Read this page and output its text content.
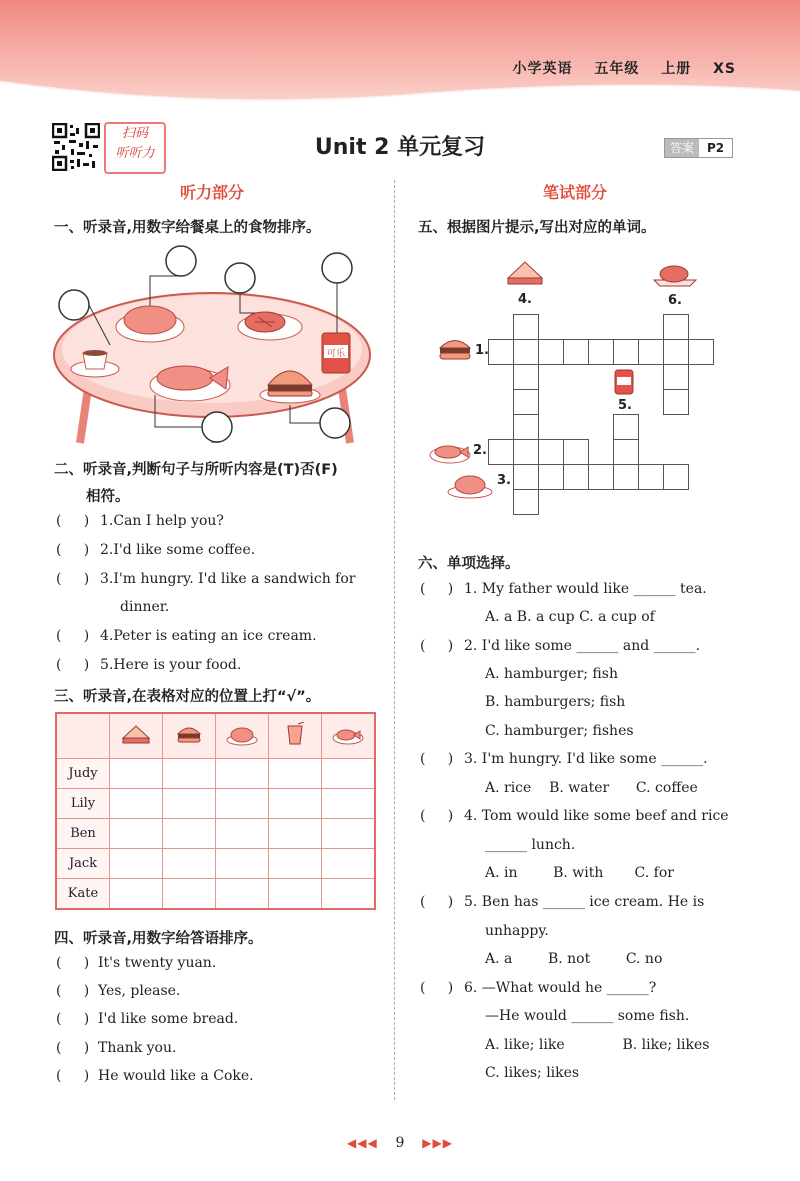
小学英语 五年级 上册 XS
扫码
听听力	Unit 2 单元复习	答案	P2
听力部分
一、听录音,用数字给餐桌上的食物排序。
可乐
二、听录音,判断句子与所听内容是(T)否(F)
相符。
(     ) 1.Can I help you?
(     ) 2.I'd like some coffee.
(     ) 3.I'm hungry. I'd like a sandwich for
dinner.
(     ) 4.Peter is eating an ice cream.
(     ) 5.Here is your food.
三、听录音,在表格对应的位置上打“√”。

Judy					
Lily					
Ben					
Jack					
Kate					
四、听录音,用数字给答语排序。
(     ) It's twenty yuan.
(     ) Yes, please.
(     ) I'd like some bread.
(     ) Thank you.
(     ) He would like a Coke.
笔试部分
五、根据图片提示,写出对应的单词。
1.
2.
3.
4.
5.
6.
六、单项选择。
(     ) 1. My father would like ______ tea.
A. a B. a cup C. a cup of
(     ) 2. I'd like some ______ and ______.
A. hamburger; fish
B. hamburgers; fish
C. hamburger; fishes
(     ) 3. I'm hungry. I'd like some ______.
A. rice    B. water      C. coffee
(     ) 4. Tom would like some beef and rice
______ lunch.
A. in        B. with       C. for
(     ) 5. Ben has ______ ice cream. He is
unhappy.
A. a        B. not        C. no
(     ) 6. —What would he ______?
—He would ______ some fish.
A. like; like             B. like; likes
C. likes; likes
◀◀◀ 9 ▶▶▶
